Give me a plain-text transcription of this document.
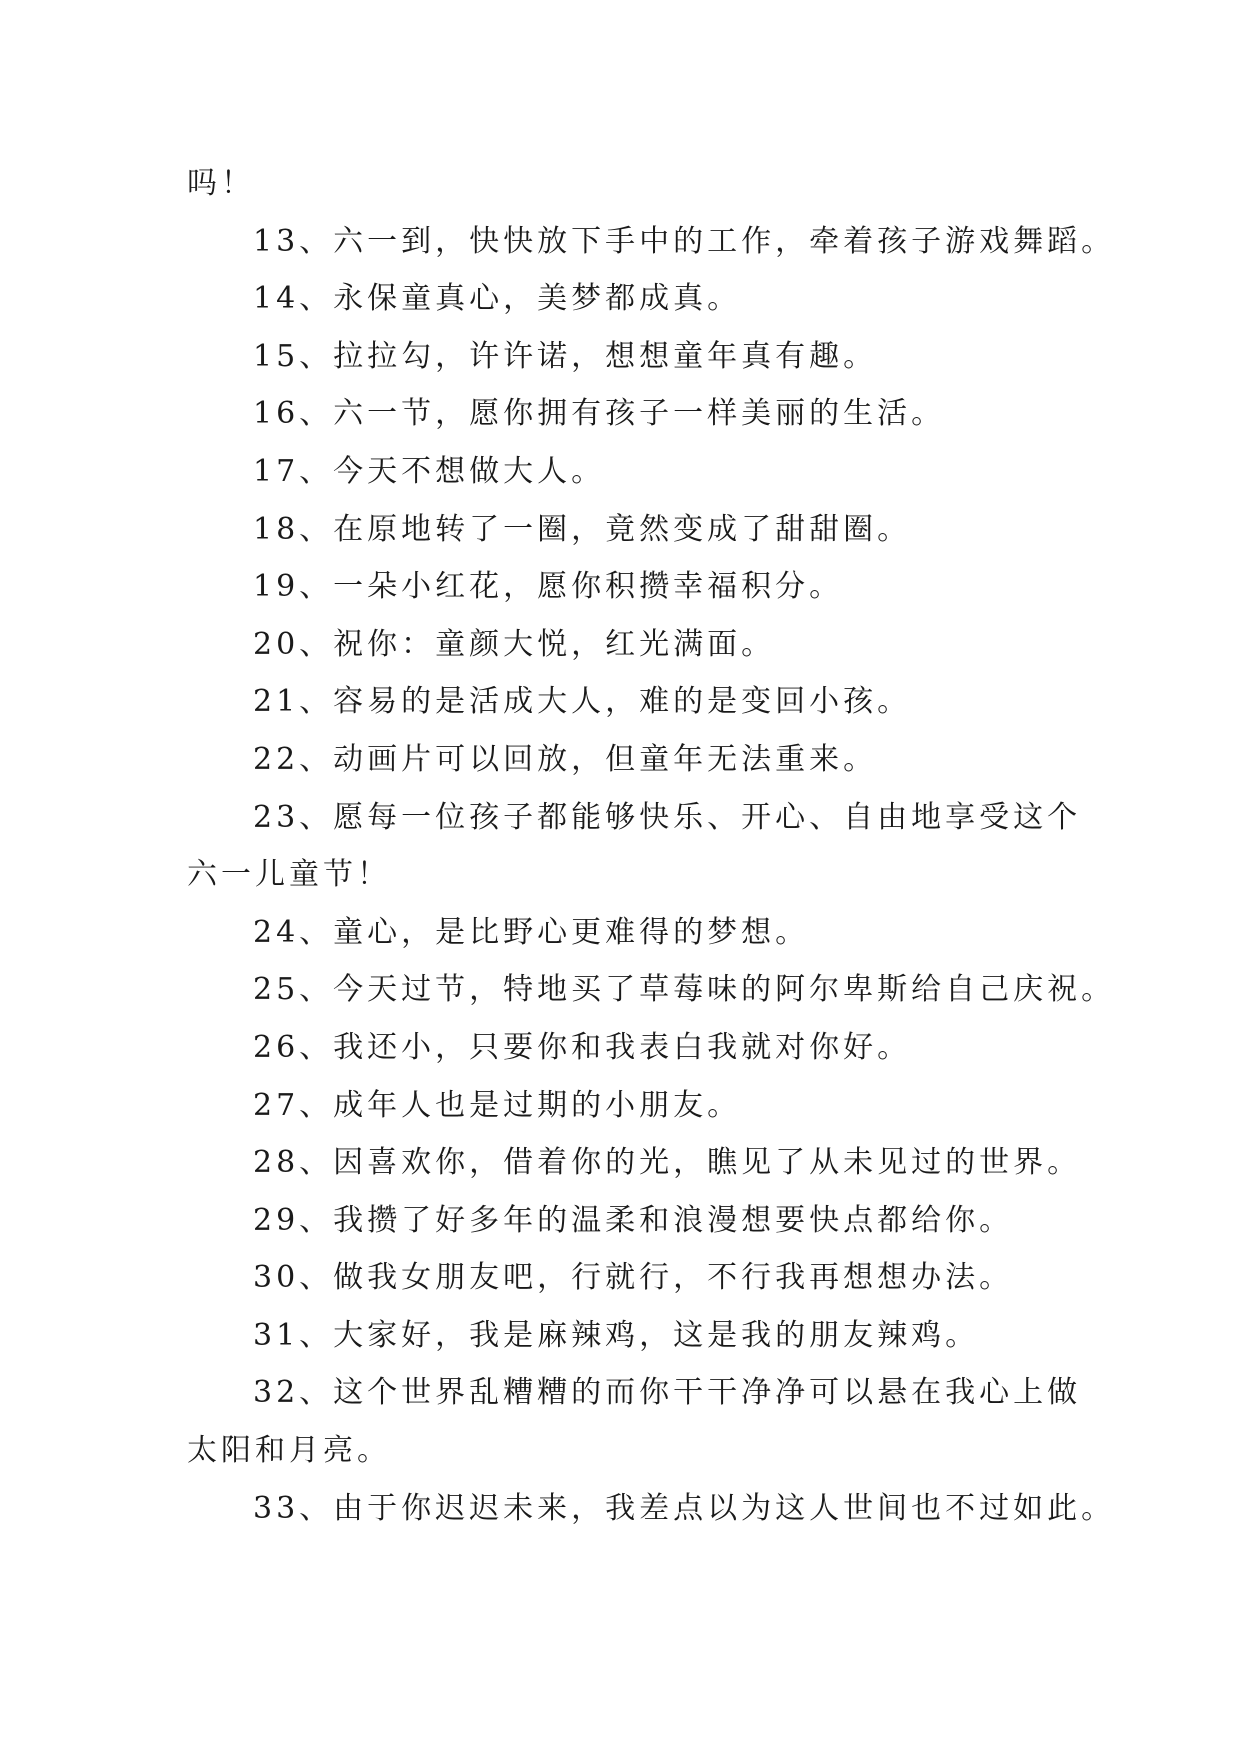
吗！

13、六一到，快快放下手中的工作，牵着孩子游戏舞蹈。

14、永保童真心，美梦都成真。

15、拉拉勾，许许诺，想想童年真有趣。

16、六一节，愿你拥有孩子一样美丽的生活。

17、今天不想做大人。

18、在原地转了一圈，竟然变成了甜甜圈。

19、一朵小红花，愿你积攒幸福积分。

20、祝你：童颜大悦，红光满面。

21、容易的是活成大人，难的是变回小孩。

22、动画片可以回放，但童年无法重来。

23、愿每一位孩子都能够快乐、开心、自由地享受这个

六一儿童节！

24、童心，是比野心更难得的梦想。

25、今天过节，特地买了草莓味的阿尔卑斯给自己庆祝。

26、我还小，只要你和我表白我就对你好。

27、成年人也是过期的小朋友。

28、因喜欢你，借着你的光，瞧见了从未见过的世界。

29、我攒了好多年的温柔和浪漫想要快点都给你。

30、做我女朋友吧，行就行，不行我再想想办法。

31、大家好，我是麻辣鸡，这是我的朋友辣鸡。

32、这个世界乱糟糟的而你干干净净可以悬在我心上做

太阳和月亮。

33、由于你迟迟未来，我差点以为这人世间也不过如此。
